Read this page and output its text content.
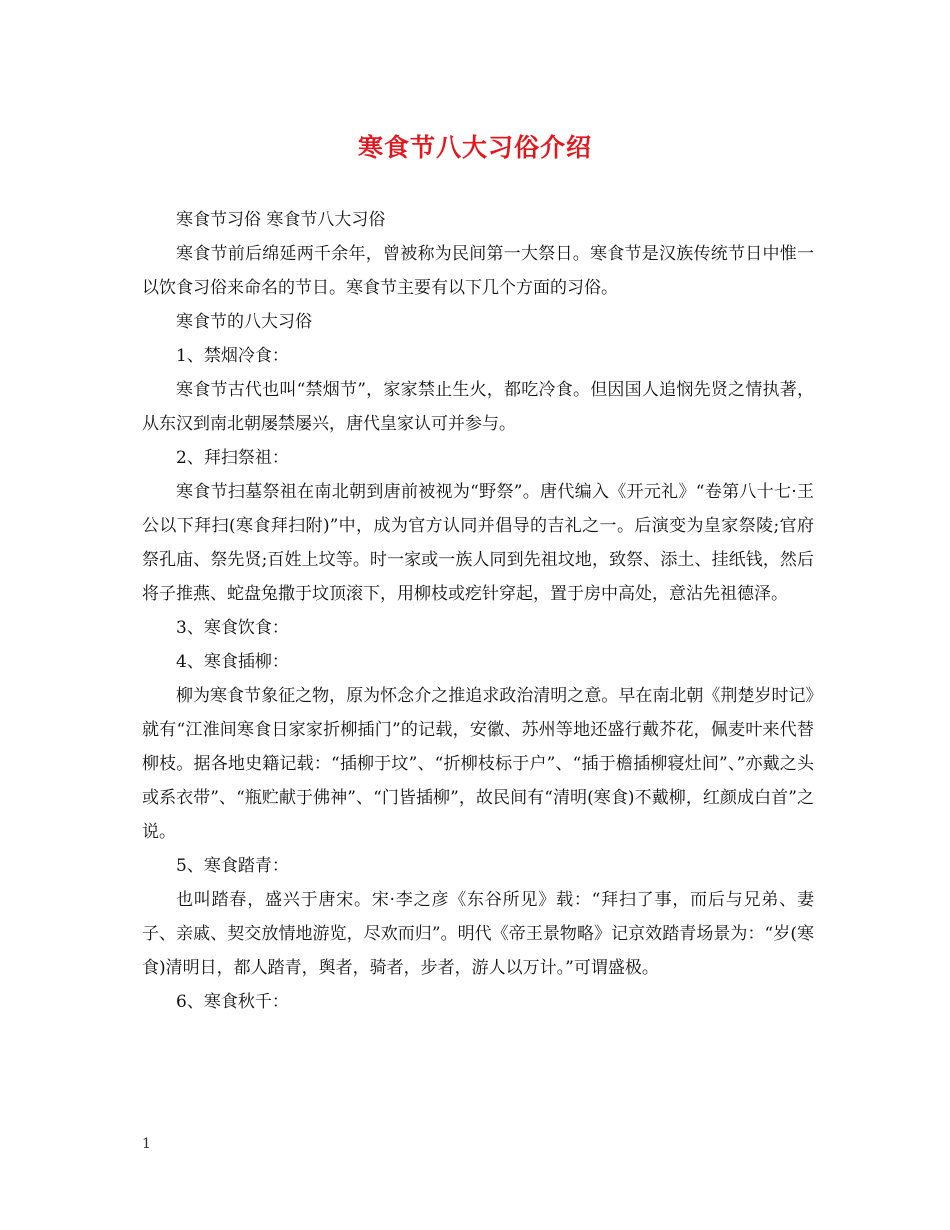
寒食节八大习俗介绍

寒食节习俗 寒食节八大习俗

寒食节前后绵延两千余年，曾被称为民间第一大祭日。寒食节是汉族传统节日中惟一以饮食习俗来命名的节日。寒食节主要有以下几个方面的习俗。

寒食节的八大习俗

1、禁烟冷食：

寒食节古代也叫“禁烟节”，家家禁止生火，都吃冷食。但因国人追悯先贤之情执著，从东汉到南北朝屡禁屡兴，唐代皇家认可并参与。

2、拜扫祭祖：

寒食节扫墓祭祖在南北朝到唐前被视为“野祭”。唐代编入《开元礼》“卷第八十七·王公以下拜扫(寒食拜扫附)”中，成为官方认同并倡导的吉礼之一。后演变为皇家祭陵;官府祭孔庙、祭先贤;百姓上坟等。时一家或一族人同到先祖坟地，致祭、添土、挂纸钱，然后将子推燕、蛇盘兔撒于坟顶滚下，用柳枝或疙针穿起，置于房中高处，意沾先祖德泽。

3、寒食饮食：

4、寒食插柳：

柳为寒食节象征之物，原为怀念介之推追求政治清明之意。早在南北朝《荆楚岁时记》就有“江淮间寒食日家家折柳插门”的记载，安徽、苏州等地还盛行戴芥花，佩麦叶来代替柳枝。据各地史籍记载：“插柳于坟”、“折柳枝标于户”、“插于檐插柳寝灶间”、”亦戴之头或系衣带”、“瓶贮献于佛神”、“门皆插柳”，故民间有“清明(寒食)不戴柳，红颜成白首”之说。

5、寒食踏青：

也叫踏春，盛兴于唐宋。宋·李之彦《东谷所见》载：“拜扫了事，而后与兄弟、妻子、亲戚、契交放情地游览，尽欢而归”。明代《帝王景物略》记京效踏青场景为：“岁(寒食)清明日，都人踏青，舆者，骑者，步者，游人以万计。”可谓盛极。

6、寒食秋千：

1
